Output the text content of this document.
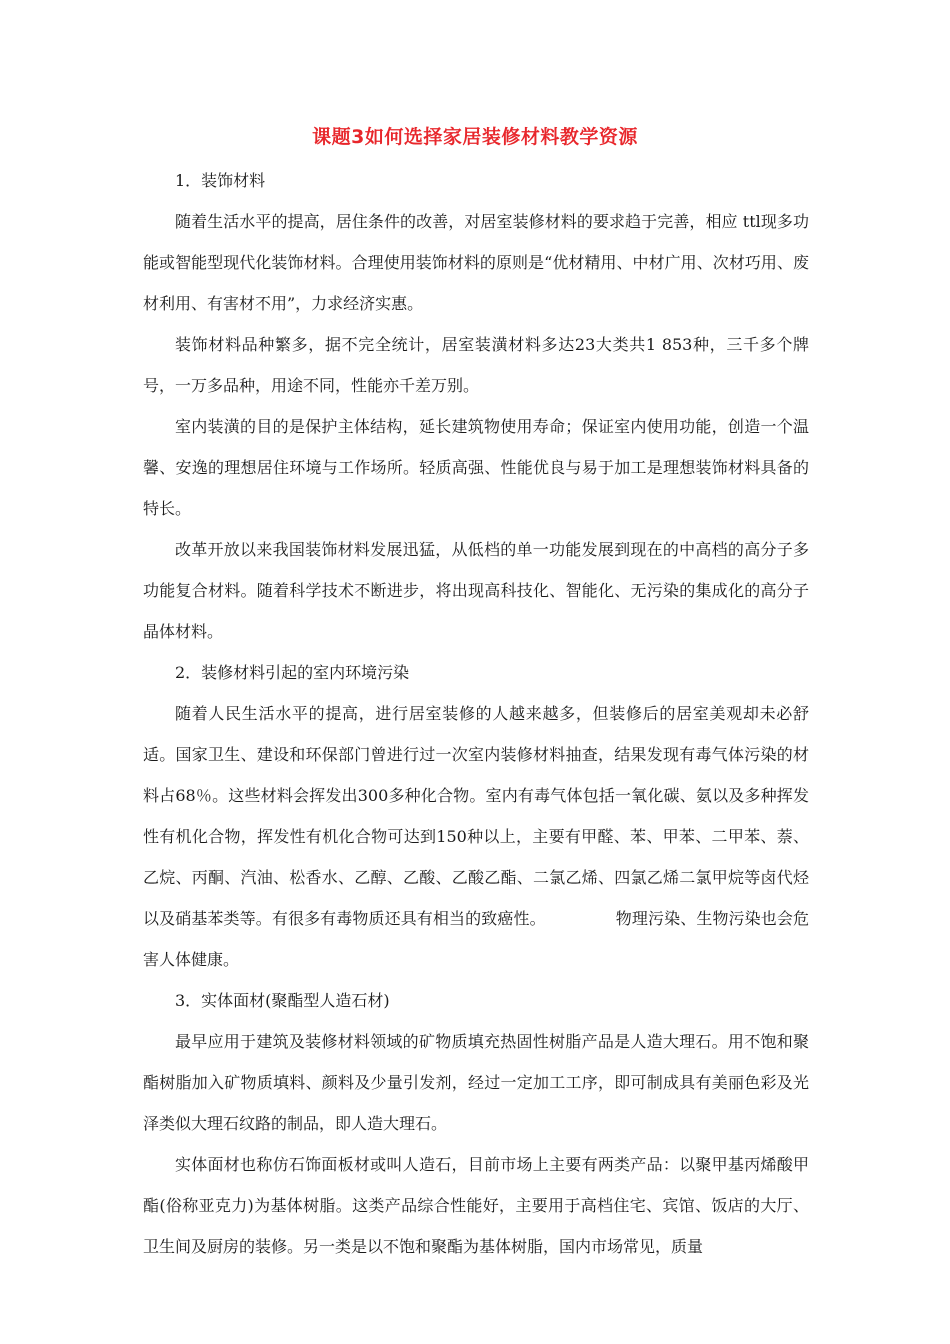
课题3如何选择家居装修材料教学资源

1．装饰材料

随着生活水平的提高，居住条件的改善，对居室装修材料的要求趋于完善，相应 ttl现多功能或智能型现代化装饰材料。合理使用装饰材料的原则是“优材精用、中材广用、次材巧用、废材利用、有害材不用”，力求经济实惠。

装饰材料品种繁多，据不完全统计，居室装潢材料多达23大类共1 853种，三千多个牌号，一万多品种，用途不同，性能亦千差万别。

室内装潢的目的是保护主体结构，延长建筑物使用寿命；保证室内使用功能，创造一个温馨、安逸的理想居住环境与工作场所。轻质高强、性能优良与易于加工是理想装饰材料具备的特长。

改革开放以来我国装饰材料发展迅猛，从低档的单一功能发展到现在的中高档的高分子多功能复合材料。随着科学技术不断进步，将出现高科技化、智能化、无污染的集成化的高分子晶体材料。

2．装修材料引起的室内环境污染

随着人民生活水平的提高，进行居室装修的人越来越多，但装修后的居室美观却未必舒适。国家卫生、建设和环保部门曾进行过一次室内装修材料抽查，结果发现有毒气体污染的材料占68％。这些材料会挥发出300多种化合物。室内有毒气体包括一氧化碳、氨以及多种挥发性有机化合物，挥发性有机化合物可达到150种以上，主要有甲醛、苯、甲苯、二甲苯、萘、乙烷、丙酮、汽油、松香水、乙醇、乙酸、乙酸乙酯、二氯乙烯、四氯乙烯二氯甲烷等卤代烃以及硝基苯类等。有很多有毒物质还具有相当的致癌性。	物理污染、生物污染也会危害人体健康。

3．实体面材(聚酯型人造石材)

最早应用于建筑及装修材料领域的矿物质填充热固性树脂产品是人造大理石。用不饱和聚酯树脂加入矿物质填料、颜料及少量引发剂，经过一定加工工序，即可制成具有美丽色彩及光泽类似大理石纹路的制品，即人造大理石。

实体面材也称仿石饰面板材或叫人造石，目前市场上主要有两类产品：以聚甲基丙烯酸甲酯(俗称亚克力)为基体树脂。这类产品综合性能好，主要用于高档住宅、宾馆、饭店的大厅、卫生间及厨房的装修。另一类是以不饱和聚酯为基体树脂，国内市场常见，质量
